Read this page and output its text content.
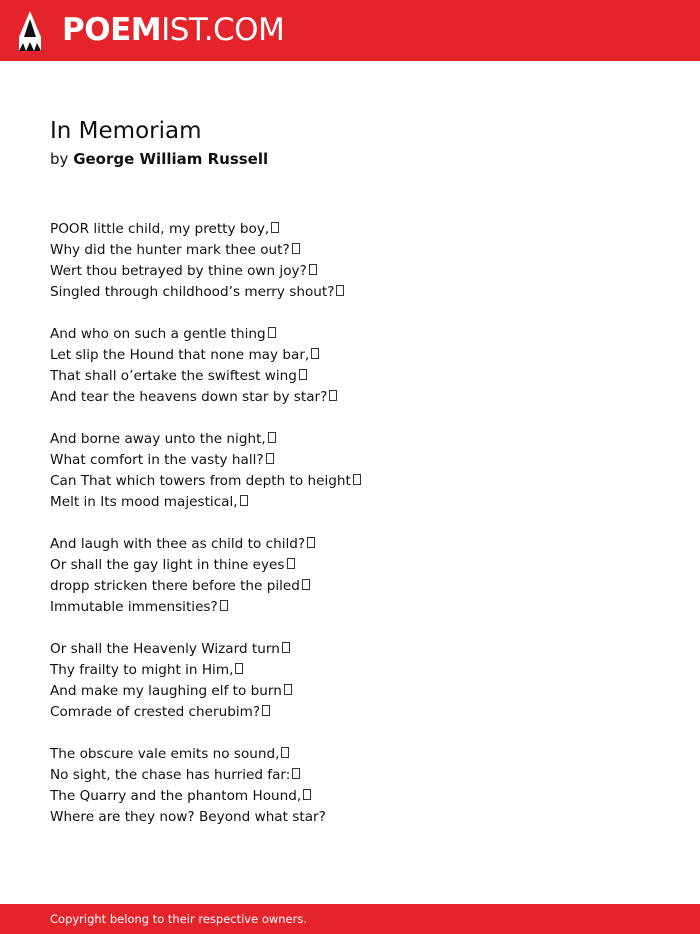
POEMIST.COM
In Memoriam
by George William Russell
POOR little child, my pretty boy,
Why did the hunter mark thee out?
Wert thou betrayed by thine own joy?
Singled through childhood’s merry shout?
And who on such a gentle thing
Let slip the Hound that none may bar,
That shall o’ertake the swiftest wing
And tear the heavens down star by star?
And borne away unto the night,
What comfort in the vasty hall?
Can That which towers from depth to height
Melt in Its mood majestical,
And laugh with thee as child to child?
Or shall the gay light in thine eyes
dropp stricken there before the piled
Immutable immensities?
Or shall the Heavenly Wizard turn
Thy frailty to might in Him,
And make my laughing elf to burn
Comrade of crested cherubim?
The obscure vale emits no sound,
No sight, the chase has hurried far:
The Quarry and the phantom Hound,
Where are they now? Beyond what star?
Copyright belong to their respective owners.
